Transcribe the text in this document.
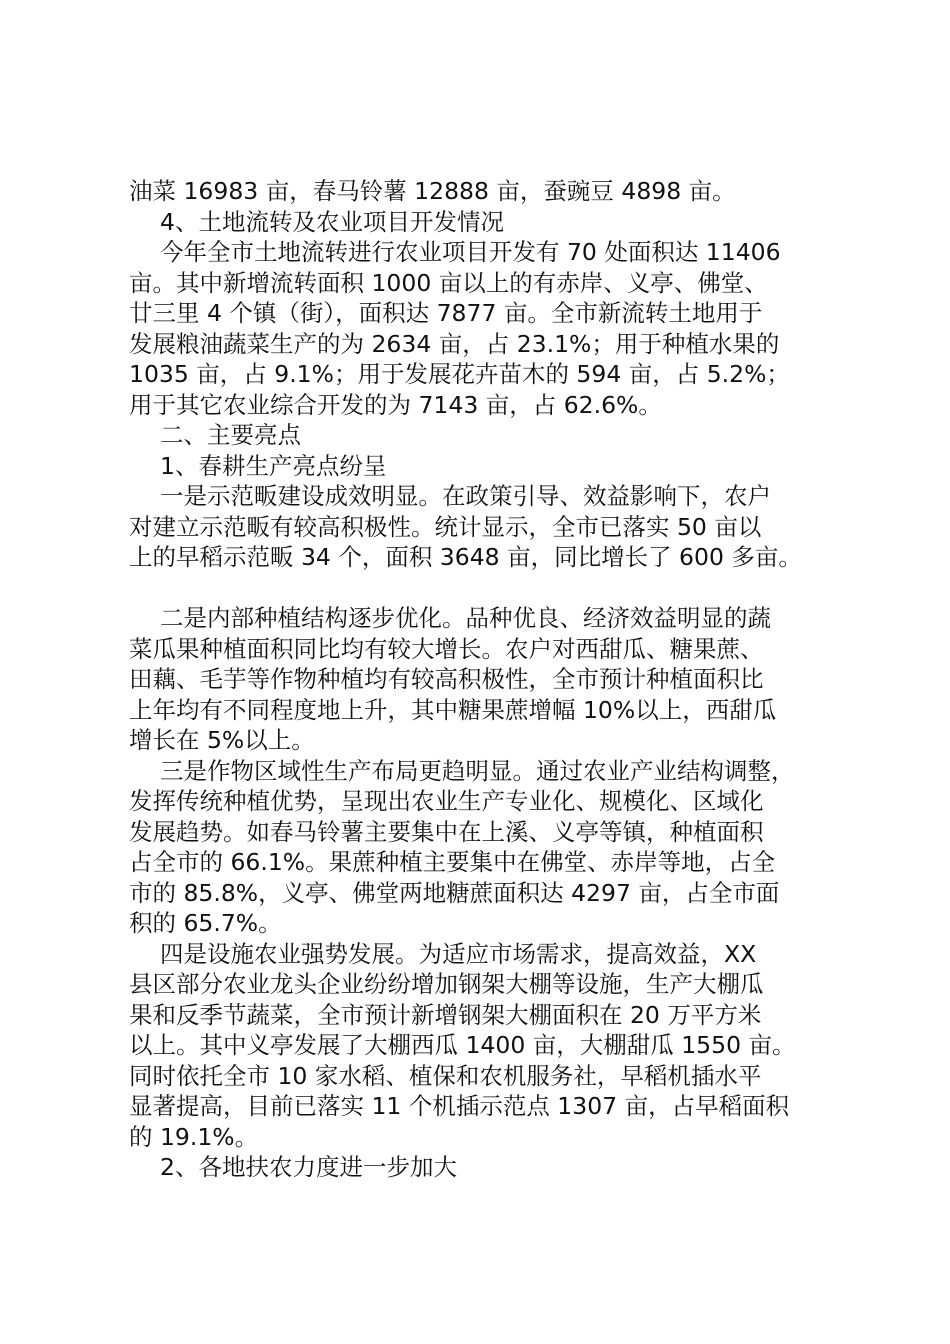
油菜 16983 亩，春马铃薯 12888 亩，蚕豌豆 4898 亩。
4、土地流转及农业项目开发情况
今年全市土地流转进行农业项目开发有 70 处面积达 11406
亩。其中新增流转面积 1000 亩以上的有赤岸、义亭、佛堂、
廿三里 4 个镇（街），面积达 7877 亩。全市新流转土地用于
发展粮油蔬菜生产的为 2634 亩，占 23.1%；用于种植水果的
1035 亩，占 9.1%；用于发展花卉苗木的 594 亩，占 5.2%；
用于其它农业综合开发的为 7143 亩，占 62.6%。
二、主要亮点
1、春耕生产亮点纷呈
一是示范畈建设成效明显。在政策引导、效益影响下，农户
对建立示范畈有较高积极性。统计显示，全市已落实 50 亩以
上的早稻示范畈 34 个，面积 3648 亩，同比增长了 600 多亩。
二是内部种植结构逐步优化。品种优良、经济效益明显的蔬
菜瓜果种植面积同比均有较大增长。农户对西甜瓜、糖果蔗、
田藕、毛芋等作物种植均有较高积极性，全市预计种植面积比
上年均有不同程度地上升，其中糖果蔗增幅 10%以上，西甜瓜
增长在 5%以上。
三是作物区域性生产布局更趋明显。通过农业产业结构调整，
发挥传统种植优势，呈现出农业生产专业化、规模化、区域化
发展趋势。如春马铃薯主要集中在上溪、义亭等镇，种植面积
占全市的 66.1%。果蔗种植主要集中在佛堂、赤岸等地，占全
市的 85.8%，义亭、佛堂两地糖蔗面积达 4297 亩，占全市面
积的 65.7%。
四是设施农业强势发展。为适应市场需求，提高效益，XX
县区部分农业龙头企业纷纷增加钢架大棚等设施，生产大棚瓜
果和反季节蔬菜，全市预计新增钢架大棚面积在 20 万平方米
以上。其中义亭发展了大棚西瓜 1400 亩，大棚甜瓜 1550 亩。
同时依托全市 10 家水稻、植保和农机服务社，早稻机插水平
显著提高，目前已落实 11 个机插示范点 1307 亩，占早稻面积
的 19.1%。
2、各地扶农力度进一步加大
